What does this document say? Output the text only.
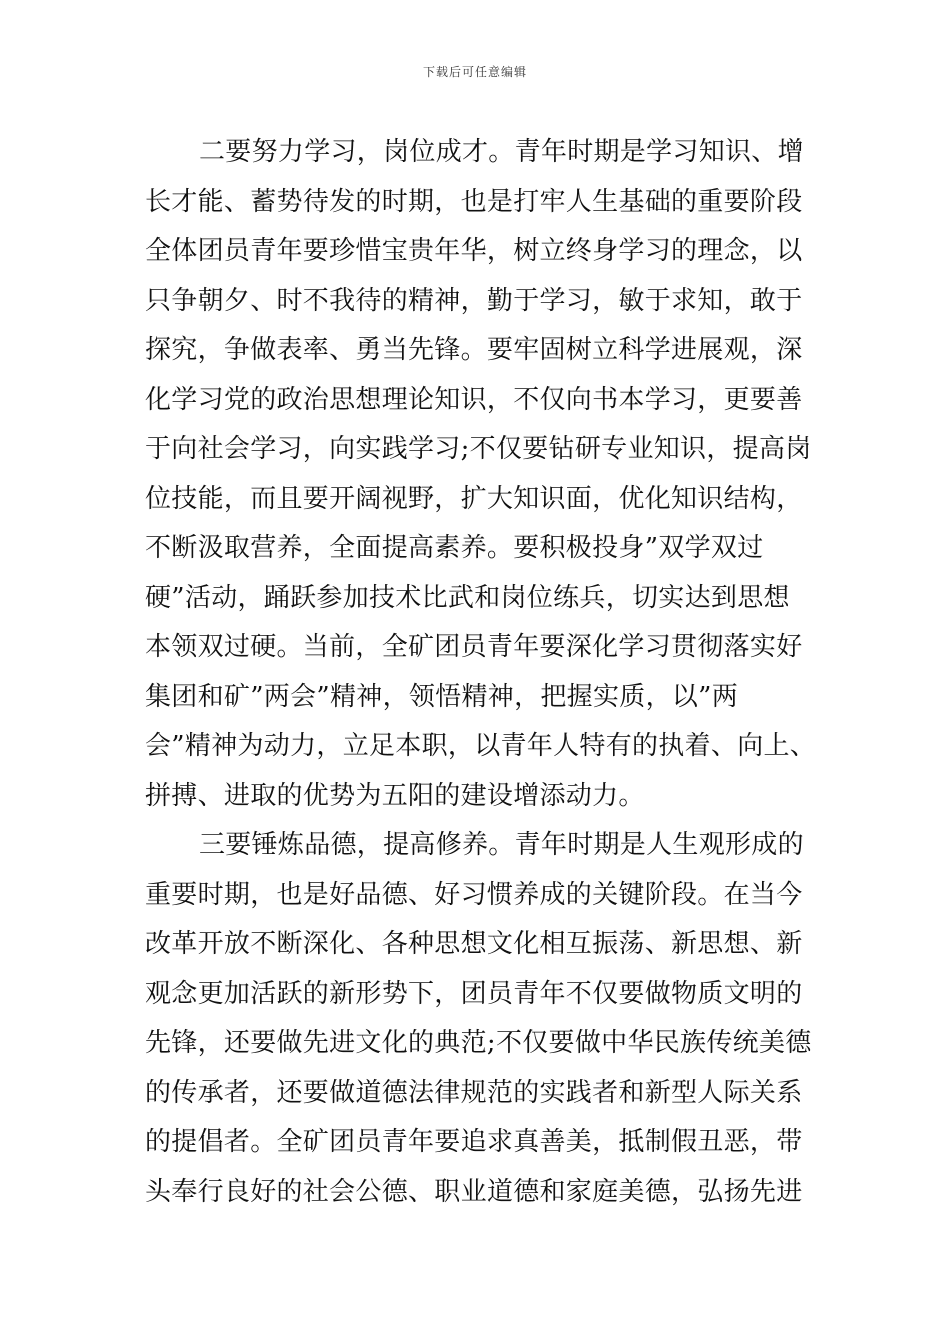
下载后可任意编辑
二要努力学习，岗位成才。青年时期是学习知识、增
长才能、蓄势待发的时期，也是打牢人生基础的重要阶段
全体团员青年要珍惜宝贵年华，树立终身学习的理念，以
只争朝夕、时不我待的精神，勤于学习，敏于求知，敢于
探究，争做表率、勇当先锋。要牢固树立科学进展观，深
化学习党的政治思想理论知识，不仅向书本学习，更要善
于向社会学习，向实践学习;不仅要钻研专业知识，提高岗
位技能，而且要开阔视野，扩大知识面，优化知识结构，
不断汲取营养，全面提高素养。要积极投身”双学双过
硬”活动，踊跃参加技术比武和岗位练兵，切实达到思想
本领双过硬。当前，全矿团员青年要深化学习贯彻落实好
集团和矿”两会”精神，领悟精神，把握实质，以”两
会”精神为动力，立足本职，以青年人特有的执着、向上、
拼搏、进取的优势为五阳的建设增添动力。
三要锤炼品德，提高修养。青年时期是人生观形成的
重要时期，也是好品德、好习惯养成的关键阶段。在当今
改革开放不断深化、各种思想文化相互振荡、新思想、新
观念更加活跃的新形势下，团员青年不仅要做物质文明的
先锋，还要做先进文化的典范;不仅要做中华民族传统美德
的传承者，还要做道德法律规范的实践者和新型人际关系
的提倡者。全矿团员青年要追求真善美，抵制假丑恶，带
头奉行良好的社会公德、职业道德和家庭美德，弘扬先进
